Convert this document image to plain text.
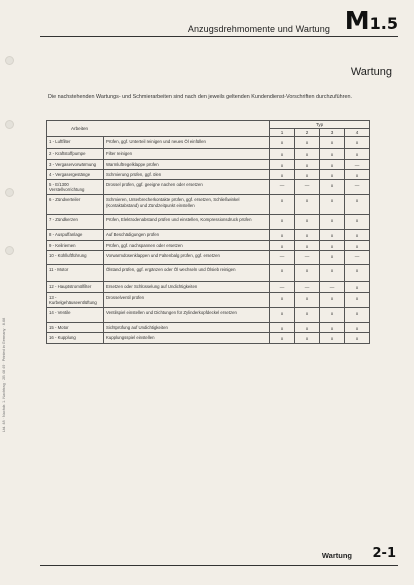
Anzugsdrehmomente und Wartung M1.5
Wartung

Die nachstehenden Wartungs- und Schmierarbeiten sind nach den jeweils geltenden Kundendienst-Vorschriften durchzuführen.

Arbeiten		Typ			
		1	2	3	4
1 - Luftfilter	Prüfen, ggf. Unterteil reinigen und neues Öl einfüllen	x	x	x	x
2 - Kraftstoffpumpe	Filter reinigen	x	x	x	x
3 - Vergaservorwärmung	Warmluftregelklappe prüfen	x	x	x	—
4 - Vergasergestänge	Schmierung prüfen, ggf. ölen	x	x	x	x
5 - E/1300 Verstellvorrichtung	Drossel prüfen, ggf. geeigne nachen oder ersetzen	—	—	x	—
6 - Zündverteiler	Schmieren, Unterbrecherkontakte prüfen, ggf. ersetzen, Schließwinkel (Kontaktabstand) und Zündzeitpunkt einstellen	x	x	x	x
7 - Zündkerzen	Prüfen, Elektrodenabstand prüfen und einstellen, Kompressionsdruck prüfen	x	x	x	x
8 - Auspuffanlage	Auf Beschädigungen prüfen	x	x	x	x
9 - Keilriemen	Prüfen, ggf. nachspannen oder ersetzen	x	x	x	x
10 - Kühlluftführung	Vorwarmdüsenklappen und Faltenbalg prüfen, ggf. ersetzen	—	—	x	—
11 - Motor	Ölstand prüfen, ggf. ergänzen oder Öl wechseln und Ölsieb reinigen	x	x	x	x
12 - Hauptstromölfilter	Ersetzen oder Schlüsselung auf Undichtigkeiten	—	—	—	x
13 - Kurbelgehäuseentlüftung	Drosselventil prüfen	x	x	x	x
14 - Ventile	Ventilspiel einstellen und Dichtungen für Zylinderkopfdeckel ersetzen	x	x	x	x
15 - Motor	Sichtprüfung auf Undichtigkeiten	x	x	x	x
16 - Kupplung	Kupplungsspiel einstellen	x	x	x	x
Wartung 2-1
Ltd. 48 · Nachdr. 1. Nachtrag · 2B 48 49 · Printed in Germany · 8.68
